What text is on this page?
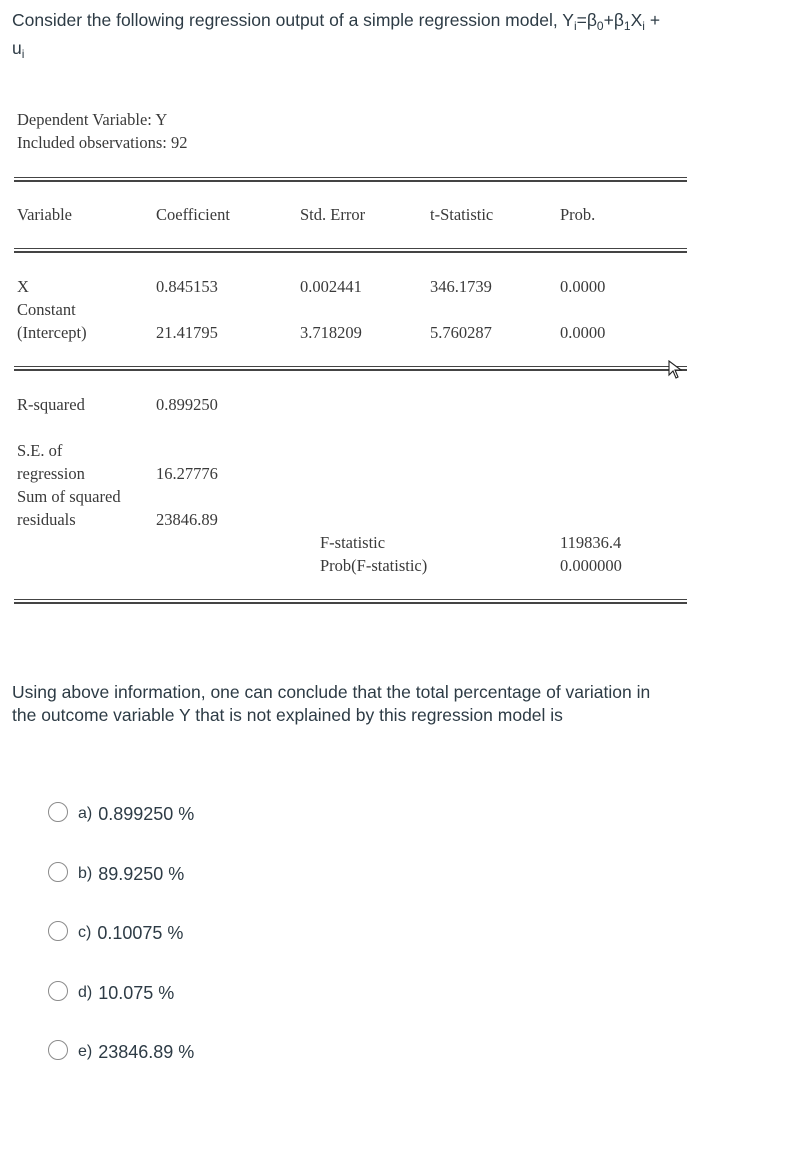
Consider the following regression output of a simple regression model, $Y_i=\beta_0+\beta_1X_i$ +
$u_i$
Dependent Variable: Y
Included observations: 92
Variable	Coefficient	Std. Error	t-Statistic	Prob.
X	0.845153	0.002441	346.1739	0.0000
Constant
(Intercept)	21.41795	3.718209	5.760287	0.0000
R-squared	0.899250
S.E. of
regression	16.27776
Sum of squared
residuals	23846.89
F-statistic	119836.4
Prob(F-statistic)	0.000000
Using above information, one can conclude that the total percentage of variation in
the outcome variable Y that is not explained by this regression model is
a) 0.899250 %
b) 89.9250 %
c) 0.10075 %
d) 10.075 %
e) 23846.89 %
